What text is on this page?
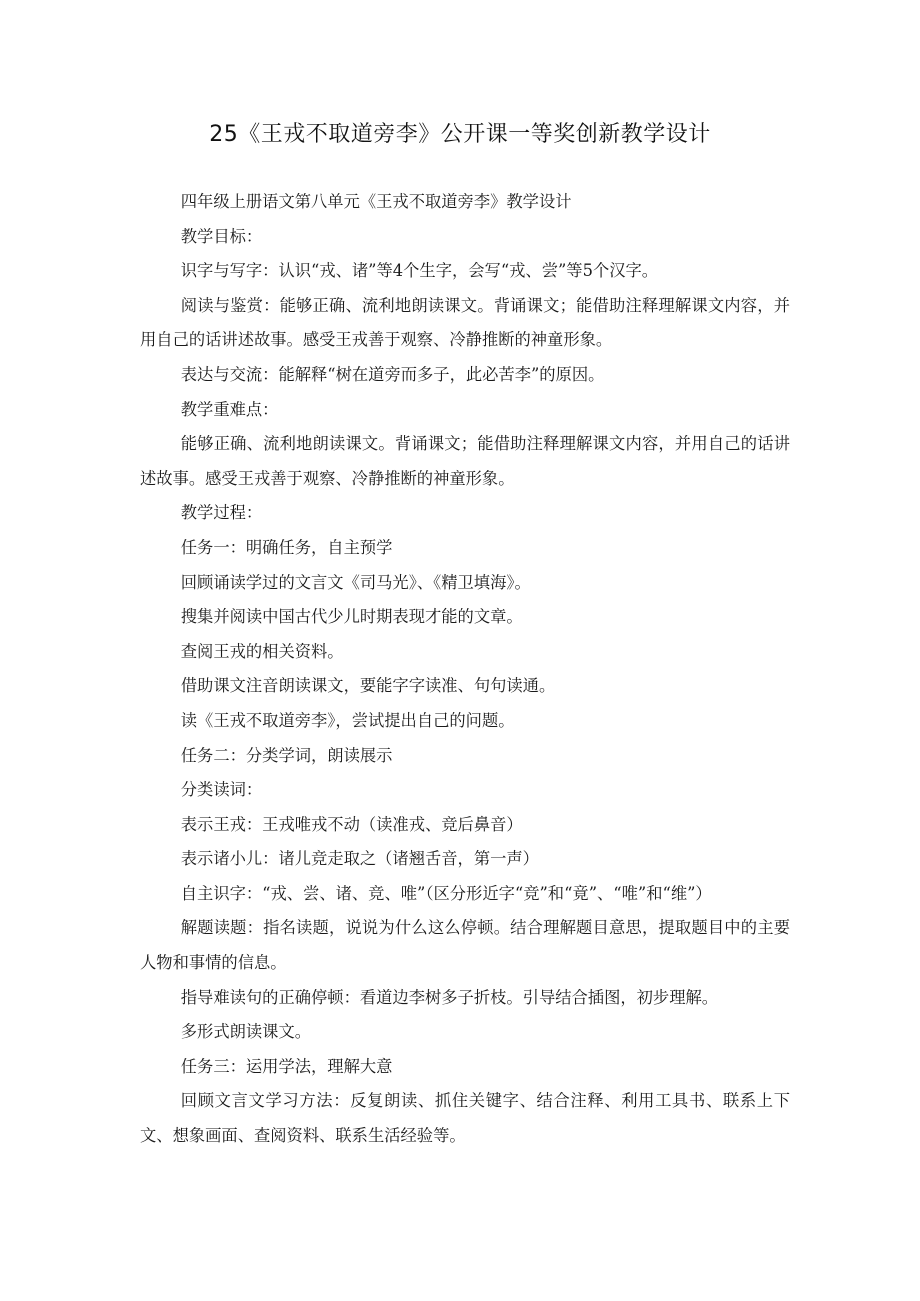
25《王戎不取道旁李》公开课一等奖创新教学设计

四年级上册语文第八单元《王戎不取道旁李》教学设计

教学目标：

识字与写字：认识“戎、诸”等4个生字，会写“戎、尝”等5个汉字。

阅读与鉴赏：能够正确、流利地朗读课文。背诵课文；能借助注释理解课文内容，并用自己的话讲述故事。感受王戎善于观察、冷静推断的神童形象。

表达与交流：能解释“树在道旁而多子，此必苦李”的原因。

教学重难点：

能够正确、流利地朗读课文。背诵课文；能借助注释理解课文内容，并用自己的话讲述故事。感受王戎善于观察、冷静推断的神童形象。

教学过程：

任务一：明确任务，自主预学

回顾诵读学过的文言文《司马光》、《精卫填海》。

搜集并阅读中国古代少儿时期表现才能的文章。

查阅王戎的相关资料。

借助课文注音朗读课文，要能字字读准、句句读通。

读《王戎不取道旁李》，尝试提出自己的问题。

任务二：分类学词，朗读展示

分类读词：

表示王戎：王戎唯戎不动（读准戎、竞后鼻音）

表示诸小儿：诸儿竞走取之（诸翘舌音，第一声）

自主识字：“戎、尝、诸、竞、唯”（区分形近字“竞”和“竟”、“唯”和“维”）

解题读题：指名读题，说说为什么这么停顿。结合理解题目意思，提取题目中的主要人物和事情的信息。

指导难读句的正确停顿：看道边李树多子折枝。引导结合插图，初步理解。

多形式朗读课文。

任务三：运用学法，理解大意

回顾文言文学习方法：反复朗读、抓住关键字、结合注释、利用工具书、联系上下文、想象画面、查阅资料、联系生活经验等。
